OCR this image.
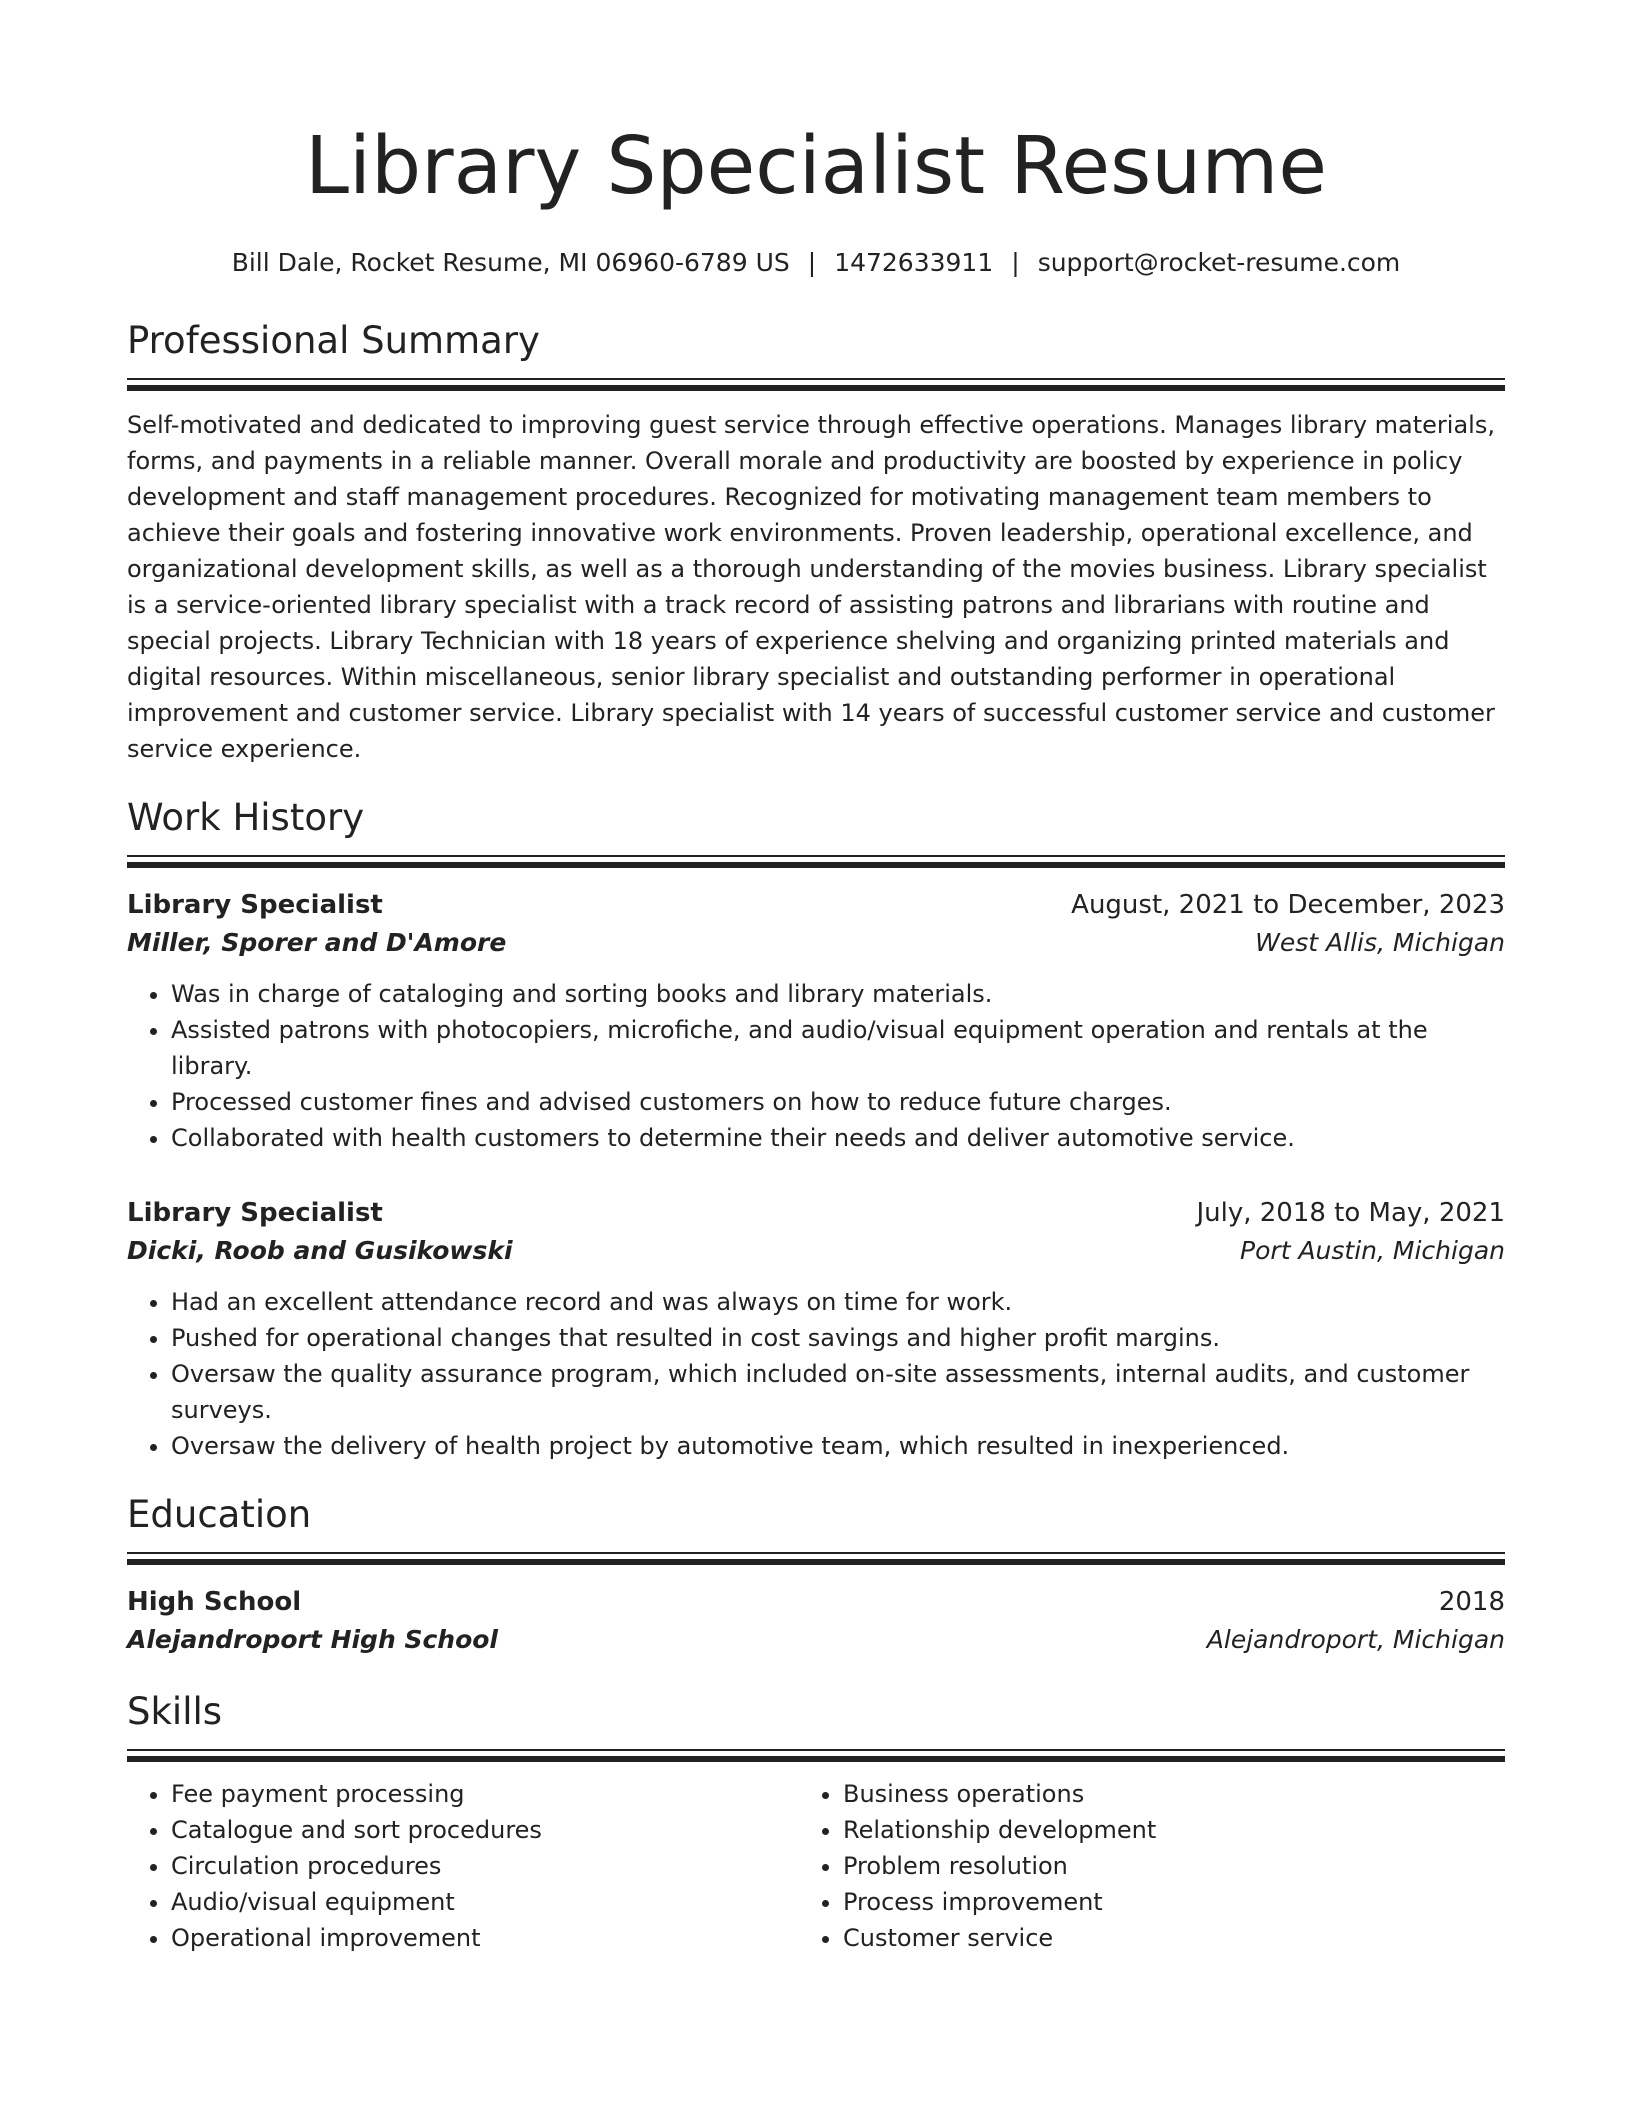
Library Specialist Resume
Bill Dale, Rocket Resume, MI 06960-6789 US | 1472633911 | support@rocket-resume.com
Professional Summary
Self-motivated and dedicated to improving guest service through effective operations. Manages library materials, forms, and payments in a reliable manner. Overall morale and productivity are boosted by experience in policy development and staff management procedures. Recognized for motivating management team members to achieve their goals and fostering innovative work environments. Proven leadership, operational excellence, and organizational development skills, as well as a thorough understanding of the movies business. Library specialist is a service-oriented library specialist with a track record of assisting patrons and librarians with routine and special projects. Library Technician with 18 years of experience shelving and organizing printed materials and digital resources. Within miscellaneous, senior library specialist and outstanding performer in operational improvement and customer service. Library specialist with 14 years of successful customer service and customer service experience.
Work History
Library Specialist	August, 2021 to December, 2023
Miller, Sporer and D'Amore	West Allis, Michigan
• Was in charge of cataloging and sorting books and library materials.
• Assisted patrons with photocopiers, microfiche, and audio/visual equipment operation and rentals at the library.
• Processed customer fines and advised customers on how to reduce future charges.
• Collaborated with health customers to determine their needs and deliver automotive service.
Library Specialist	July, 2018 to May, 2021
Dicki, Roob and Gusikowski	Port Austin, Michigan
• Had an excellent attendance record and was always on time for work.
• Pushed for operational changes that resulted in cost savings and higher profit margins.
• Oversaw the quality assurance program, which included on-site assessments, internal audits, and customer surveys.
• Oversaw the delivery of health project by automotive team, which resulted in inexperienced.
Education
High School	2018
Alejandroport High School	Alejandroport, Michigan
Skills
• Fee payment processing
• Catalogue and sort procedures
• Circulation procedures
• Audio/visual equipment
• Operational improvement
• Business operations
• Relationship development
• Problem resolution
• Process improvement
• Customer service
